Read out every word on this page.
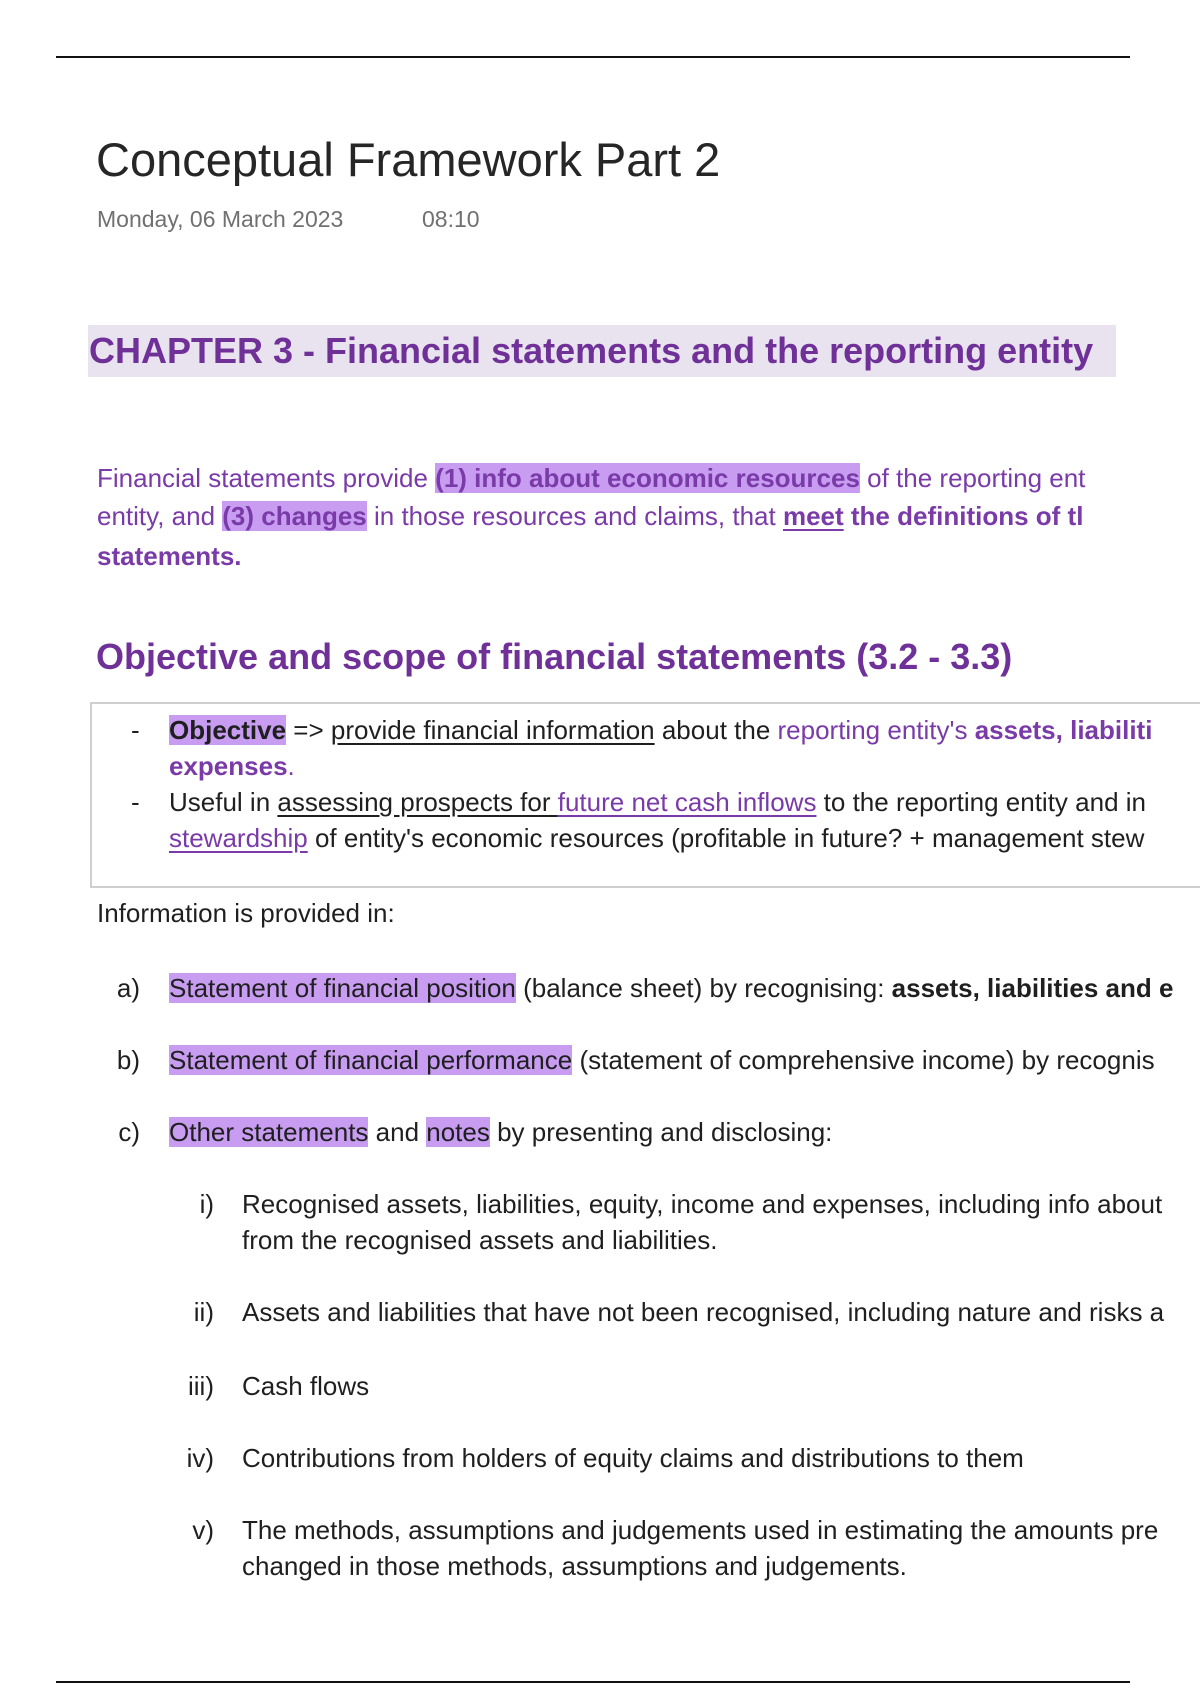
Conceptual Framework Part 2
Monday, 06 March 2023	08:10
CHAPTER 3 - Financial statements and the reporting entity
Financial statements provide (1) info about economic resources of the reporting ent
entity, and (3) changes in those resources and claims, that meet the definitions of tl
statements.
Objective and scope of financial statements (3.2 - 3.3)
- Objective => provide financial information about the reporting entity's assets, liabiliti
expenses.
- Useful in assessing prospects for future net cash inflows to the reporting entity and in
stewardship of entity's economic resources (profitable in future? + management stew
Information is provided in:
a) Statement of financial position (balance sheet) by recognising: assets, liabilities and e
b) Statement of financial performance (statement of comprehensive income) by recognis
c) Other statements and notes by presenting and disclosing:
i) Recognised assets, liabilities, equity, income and expenses, including info about
from the recognised assets and liabilities.
ii) Assets and liabilities that have not been recognised, including nature and risks a
iii) Cash flows
iv) Contributions from holders of equity claims and distributions to them
v) The methods, assumptions and judgements used in estimating the amounts pre
changed in those methods, assumptions and judgements.
